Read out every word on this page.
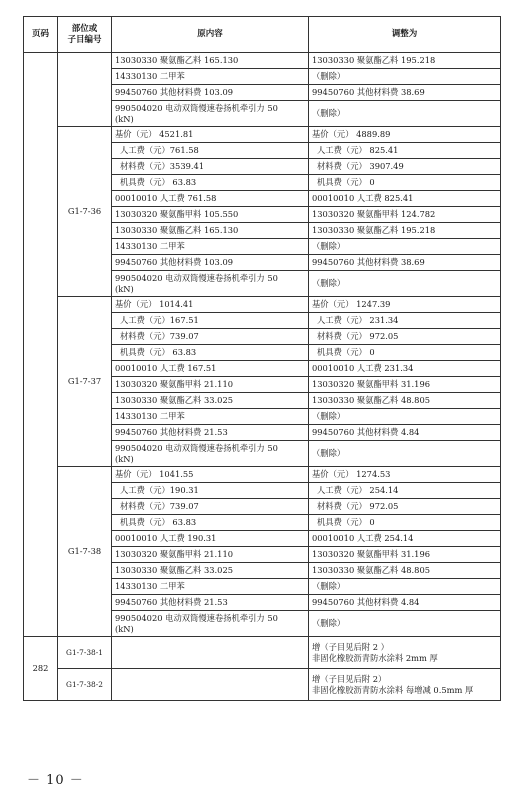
页码	部位或
子目编号	原内容	调整为
		13030330 聚氨酯乙料 165.130	13030330 聚氨酯乙料 195.218
		14330130 二甲苯	（删除）
		99450760 其他材料费 103.09	99450760 其他材料费 38.69
		990504020 电动双筒慢速卷扬机牵引力 50
(kN)	（删除）
	G1-7-36	基价（元） 4521.81	基价（元） 4889.89
		人工费（元）761.58	人工费（元） 825.41
		材料费（元）3539.41	材料费（元） 3907.49
		机具费（元） 63.83	机具费（元） 0
		00010010 人工费 761.58	00010010 人工费 825.41
		13030320 聚氨酯甲料 105.550	13030320 聚氨酯甲料 124.782
		13030330 聚氨酯乙料 165.130	13030330 聚氨酯乙料 195.218
		14330130 二甲苯	（删除）
		99450760 其他材料费 103.09	99450760 其他材料费 38.69
		990504020 电动双筒慢速卷扬机牵引力 50
(kN)	（删除）
	G1-7-37	基价（元） 1014.41	基价（元） 1247.39
		人工费（元）167.51	人工费（元） 231.34
		材料费（元）739.07	材料费（元） 972.05
		机具费（元） 63.83	机具费（元） 0
		00010010 人工费 167.51	00010010 人工费 231.34
		13030320 聚氨酯甲料 21.110	13030320 聚氨酯甲料 31.196
		13030330 聚氨酯乙料 33.025	13030330 聚氨酯乙料 48.805
		14330130 二甲苯	（删除）
		99450760 其他材料费 21.53	99450760 其他材料费 4.84
		990504020 电动双筒慢速卷扬机牵引力 50
(kN)	（删除）
	G1-7-38	基价（元） 1041.55	基价（元） 1274.53
		人工费（元）190.31	人工费（元） 254.14
		材料费（元）739.07	材料费（元） 972.05
		机具费（元） 63.83	机具费（元） 0
		00010010 人工费 190.31	00010010 人工费 254.14
		13030320 聚氨酯甲料 21.110	13030320 聚氨酯甲料 31.196
		13030330 聚氨酯乙料 33.025	13030330 聚氨酯乙料 48.805
		14330130 二甲苯	（删除）
		99450760 其他材料费 21.53	99450760 其他材料费 4.84
		990504020 电动双筒慢速卷扬机牵引力 50
(kN)	（删除）
282	G1-7-38-1		增（子目见后附 2 ）
非固化橡胶沥青防水涂料 2mm 厚
	G1-7-38-2		增（子目见后附 2）
非固化橡胶沥青防水涂料 每增减 0.5mm 厚
－ 10 －
